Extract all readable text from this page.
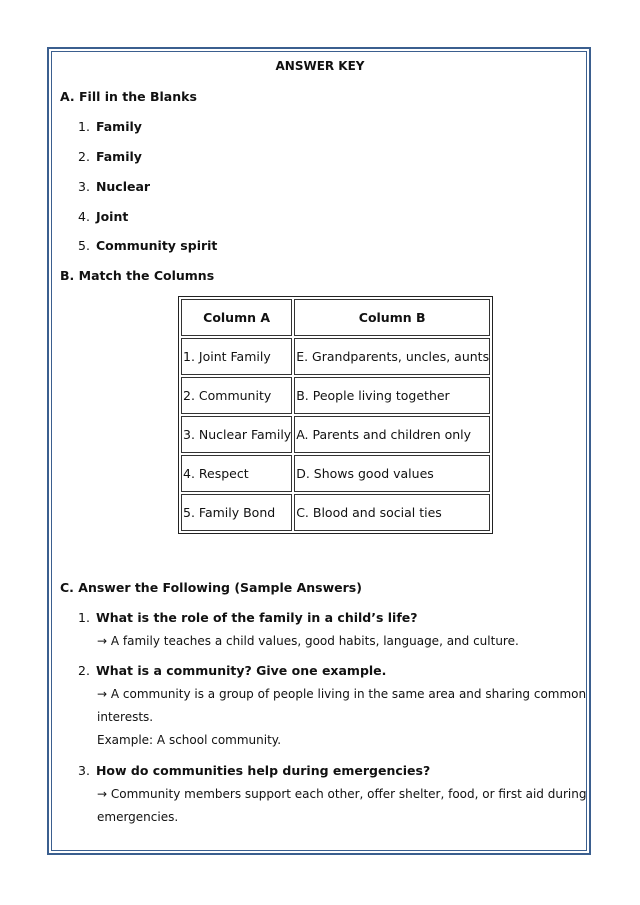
ANSWER KEY
A. Fill in the Blanks
1. Family
2. Family
3. Nuclear
4. Joint
5. Community spirit
B. Match the Columns
Column A	Column B

1. Joint Family	E. Grandparents, uncles, aunts

2. Community	B. People living together

3. Nuclear Family	A. Parents and children only

4. Respect	D. Shows good values

5. Family Bond	C. Blood and social ties
C. Answer the Following (Sample Answers)
1. What is the role of the family in a child’s life?
→ A family teaches a child values, good habits, language, and culture.
2. What is a community? Give one example.
→ A community is a group of people living in the same area and sharing common
interests.
Example: A school community.
3. How do communities help during emergencies?
→ Community members support each other, offer shelter, food, or first aid during
emergencies.
